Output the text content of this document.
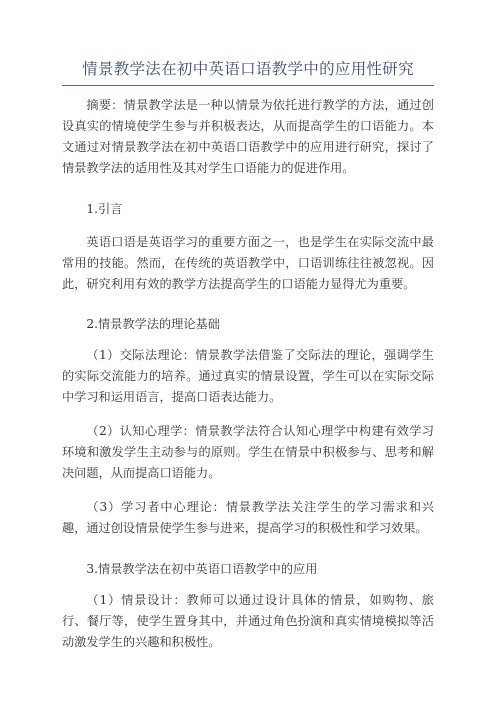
情景教学法在初中英语口语教学中的应用性研究

摘要：情景教学法是一种以情景为依托进行教学的方法，通过创设真实的情境使学生参与并积极表达，从而提高学生的口语能力。本文通过对情景教学法在初中英语口语教学中的应用进行研究，探讨了情景教学法的适用性及其对学生口语能力的促进作用。

1.引言

英语口语是英语学习的重要方面之一，也是学生在实际交流中最常用的技能。然而，在传统的英语教学中，口语训练往往被忽视。因此，研究利用有效的教学方法提高学生的口语能力显得尤为重要。

2.情景教学法的理论基础

（1）交际法理论：情景教学法借鉴了交际法的理论，强调学生的实际交流能力的培养。通过真实的情景设置，学生可以在实际交际中学习和运用语言，提高口语表达能力。

（2）认知心理学：情景教学法符合认知心理学中构建有效学习环境和激发学生主动参与的原则。学生在情景中积极参与、思考和解决问题，从而提高口语能力。

（3）学习者中心理论：情景教学法关注学生的学习需求和兴趣，通过创设情景使学生参与进来，提高学习的积极性和学习效果。

3.情景教学法在初中英语口语教学中的应用

（1）情景设计：教师可以通过设计具体的情景，如购物、旅行、餐厅等，使学生置身其中，并通过角色扮演和真实情境模拟等活动激发学生的兴趣和积极性。
